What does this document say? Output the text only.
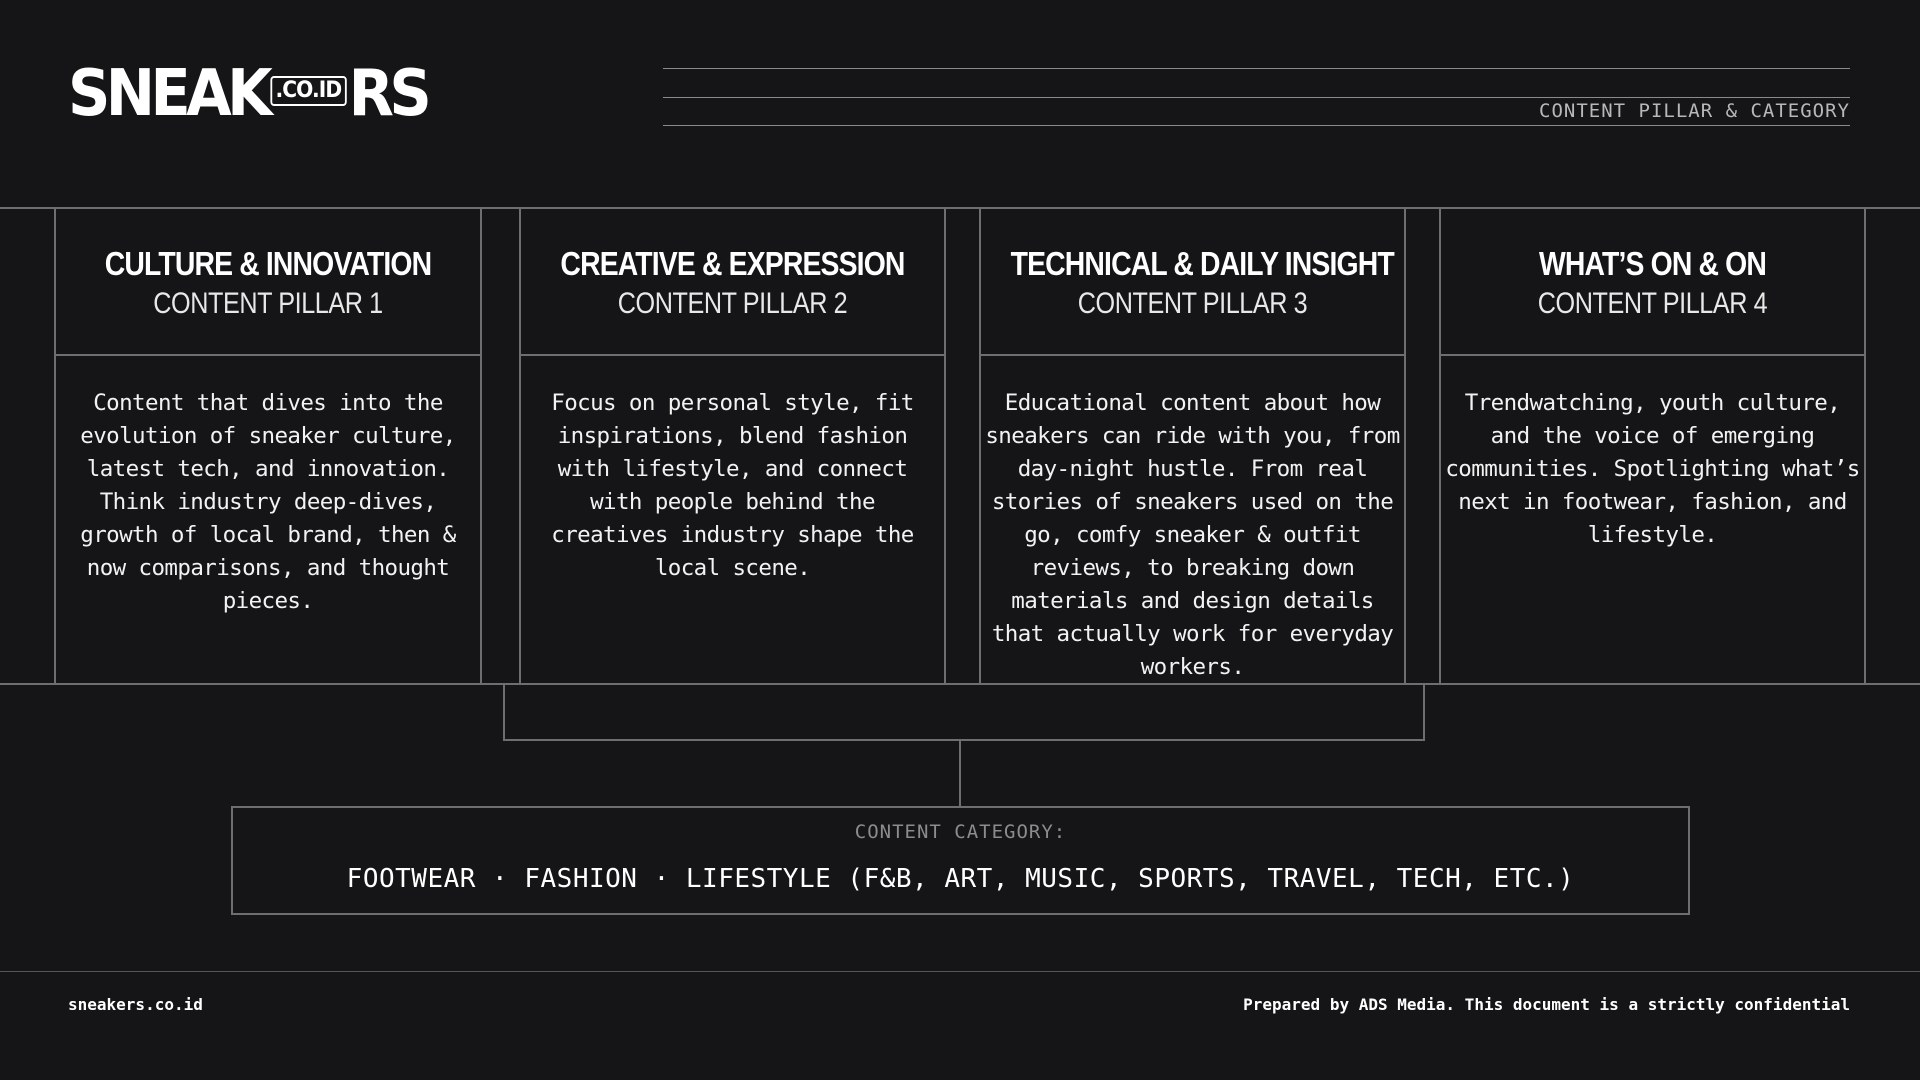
SNEAK .CO.ID RS	CONTENT PILLAR & CATEGORY
CULTURE & INNOVATION
CONTENT PILLAR 1
Content that dives into the evolution of sneaker culture, latest tech, and innovation. Think industry deep-dives, growth of local brand, then & now comparisons, and thought pieces.
CREATIVE & EXPRESSION
CONTENT PILLAR 2
Focus on personal style, fit inspirations, blend fashion with lifestyle, and connect with people behind the creatives industry shape the local scene.
TECHNICAL & DAILY INSIGHT
CONTENT PILLAR 3
Educational content about how sneakers can ride with you, from day-night hustle. From real stories of sneakers used on the go, comfy sneaker & outfit reviews, to breaking down materials and design details that actually work for everyday workers.
WHAT’S ON & ON
CONTENT PILLAR 4
Trendwatching, youth culture, and the voice of emerging communities. Spotlighting what’s next in footwear, fashion, and lifestyle.
CONTENT CATEGORY:
FOOTWEAR · FASHION · LIFESTYLE (F&B, ART, MUSIC, SPORTS, TRAVEL, TECH, ETC.)
sneakers.co.id	Prepared by ADS Media. This document is a strictly confidential
